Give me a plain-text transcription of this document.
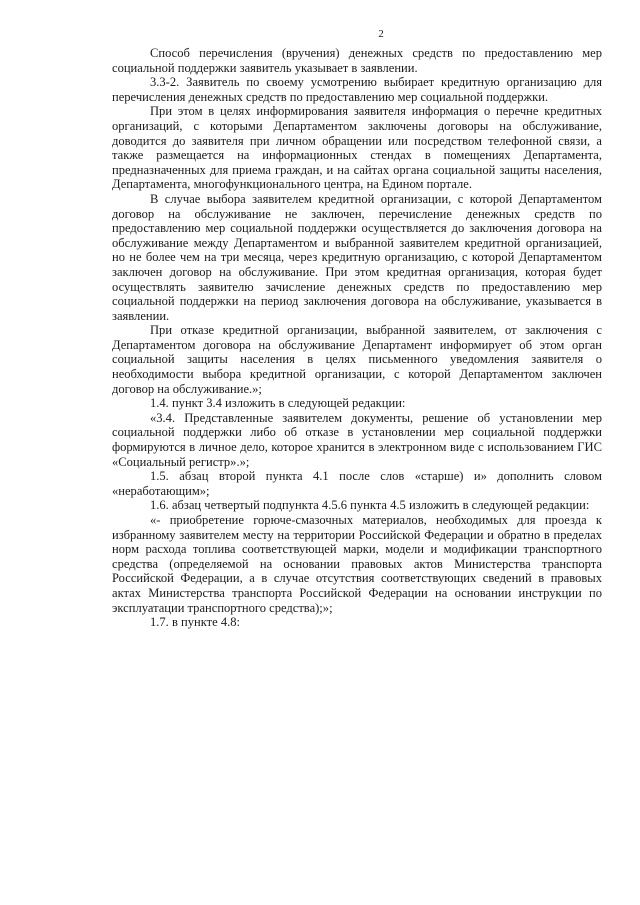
2

Способ перечисления (вручения) денежных средств по предоставлению мер социальной поддержки заявитель указывает в заявлении.

3.3-2. Заявитель по своему усмотрению выбирает кредитную организацию для перечисления денежных средств по предоставлению мер социальной поддержки.

При этом в целях информирования заявителя информация о перечне кредитных организаций, с которыми Департаментом заключены договоры на обслуживание, доводится до заявителя при личном обращении или посредством телефонной связи, а также размещается на информационных стендах в помещениях Департамента, предназначенных для приема граждан, и на сайтах органа социальной защиты населения, Департамента, многофункционального центра, на Едином портале.

В случае выбора заявителем кредитной организации, с которой Департаментом договор на обслуживание не заключен, перечисление денежных средств по предоставлению мер социальной поддержки осуществляется до заключения договора на обслуживание между Департаментом и выбранной заявителем кредитной организацией, но не более чем на три месяца, через кредитную организацию, с которой Департаментом заключен договор на обслуживание. При этом кредитная организация, которая будет осуществлять заявителю зачисление денежных средств по предоставлению мер социальной поддержки на период заключения договора на обслуживание, указывается в заявлении.

При отказе кредитной организации, выбранной заявителем, от заключения с Департаментом договора на обслуживание Департамент информирует об этом орган социальной защиты населения в целях письменного уведомления заявителя о необходимости выбора кредитной организации, с которой Департаментом заключен договор на обслуживание.»;

1.4. пункт 3.4 изложить в следующей редакции:

«3.4. Представленные заявителем документы, решение об установлении мер социальной поддержки либо об отказе в установлении мер социальной поддержки формируются в личное дело, которое хранится в электронном виде с использованием ГИС «Социальный регистр».»;

1.5. абзац второй пункта 4.1 после слов «старше) и» дополнить словом «неработающим»;

1.6. абзац четвертый подпункта 4.5.6 пункта 4.5 изложить в следующей редакции:

«- приобретение горюче-смазочных материалов, необходимых для проезда к избранному заявителем месту на территории Российской Федерации и обратно в пределах норм расхода топлива соответствующей марки, модели и модификации транспортного средства (определяемой на основании правовых актов Министерства транспорта Российской Федерации, а в случае отсутствия соответствующих сведений в правовых актах Министерства транспорта Российской Федерации на основании инструкции по эксплуатации транспортного средства);»;

1.7. в пункте 4.8:
